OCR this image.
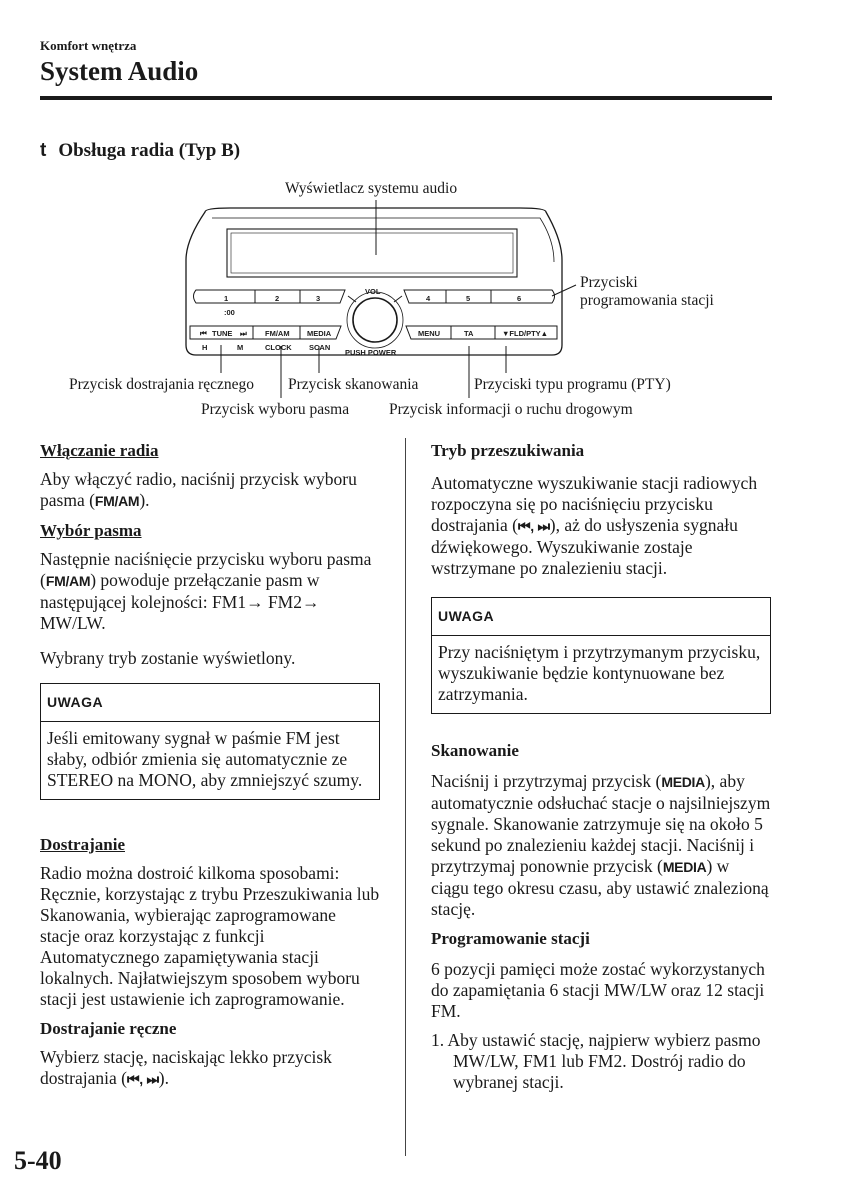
Komfort wnętrza
System Audio
t Obsługa radia (Typ B)
1
:00
2	3	4	5	6
VOL
PUSH POWER
⏮ TUNE ⏭
H	M
FM/AM
CLOCK
MEDIA
SCAN
MENU	TA	▼FLD/PTY▲
Wyświetlacz systemu audio
Przyciski
programowania stacji
Przycisk dostrajania ręcznego Przycisk skanowania	Przyciski typu programu (PTY)
Przycisk wyboru pasma	Przycisk informacji o ruchu drogowym
Włączanie radia

Aby włączyć radio, naciśnij przycisk wyboru pasma (FM/AM).

Wybór pasma

Następnie naciśnięcie przycisku wyboru pasma (FM/AM) powoduje przełączanie pasm w następującej kolejności: FM1→ FM2→ MW/LW.

Wybrany tryb zostanie wyświetlony.

UWAGA
Jeśli emitowany sygnał w paśmie FM jest słaby, odbiór zmienia się automatycznie ze STEREO na MONO, aby zmniejszyć szumy.
Dostrajanie

Radio można dostroić kilkoma sposobami: Ręcznie, korzystając z trybu Przeszukiwania lub Skanowania, wybierając zaprogramowane stacje oraz korzystając z funkcji Automatycznego zapamiętywania stacji lokalnych. Najłatwiejszym sposobem wyboru stacji jest ustawienie ich zaprogramowanie.

Dostrajanie ręczne

Wybierz stację, naciskając lekko przycisk dostrajania (⏮, ⏭).

Tryb przeszukiwania

Automatyczne wyszukiwanie stacji radiowych rozpoczyna się po naciśnięciu przycisku dostrajania (⏮, ⏭), aż do usłyszenia sygnału dźwiękowego. Wyszukiwanie zostaje wstrzymane po znalezieniu stacji.

UWAGA
Przy naciśniętym i przytrzymanym przycisku, wyszukiwanie będzie kontynuowane bez zatrzymania.
Skanowanie

Naciśnij i przytrzymaj przycisk (MEDIA), aby automatycznie odsłuchać stacje o najsilniejszym sygnale. Skanowanie zatrzymuje się na około 5 sekund po znalezieniu każdej stacji. Naciśnij i przytrzymaj ponownie przycisk (MEDIA) w ciągu tego okresu czasu, aby ustawić znalezioną stację.

Programowanie stacji

6 pozycji pamięci może zostać wykorzystanych do zapamiętania 6 stacji MW/LW oraz 12 stacji FM.

1. Aby ustawić stację, najpierw wybierz pasmo MW/LW, FM1 lub FM2. Dostrój radio do wybranej stacji.
5-40
